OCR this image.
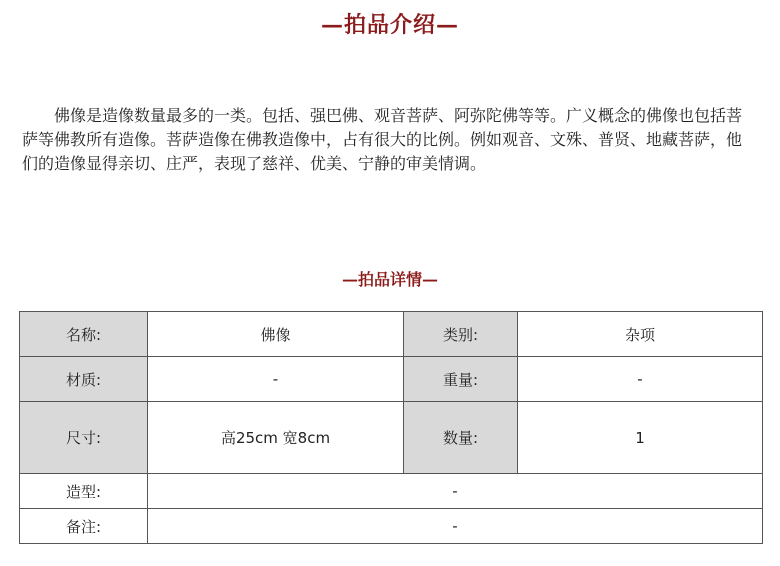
—拍品介绍—

佛像是造像数量最多的一类。包括、强巴佛、观音菩萨、阿弥陀佛等等。广义概念的佛像也包括菩萨等佛教所有造像。菩萨造像在佛教造像中，占有很大的比例。例如观音、文殊、普贤、地藏菩萨，他们的造像显得亲切、庄严，表现了慈祥、优美、宁静的审美情调。

—拍品详情—
名称:	佛像	类别:	杂项
材质:	-	重量:	-
尺寸:	高25cm 宽8cm	数量:	1
造型:	-		
备注:	-		
